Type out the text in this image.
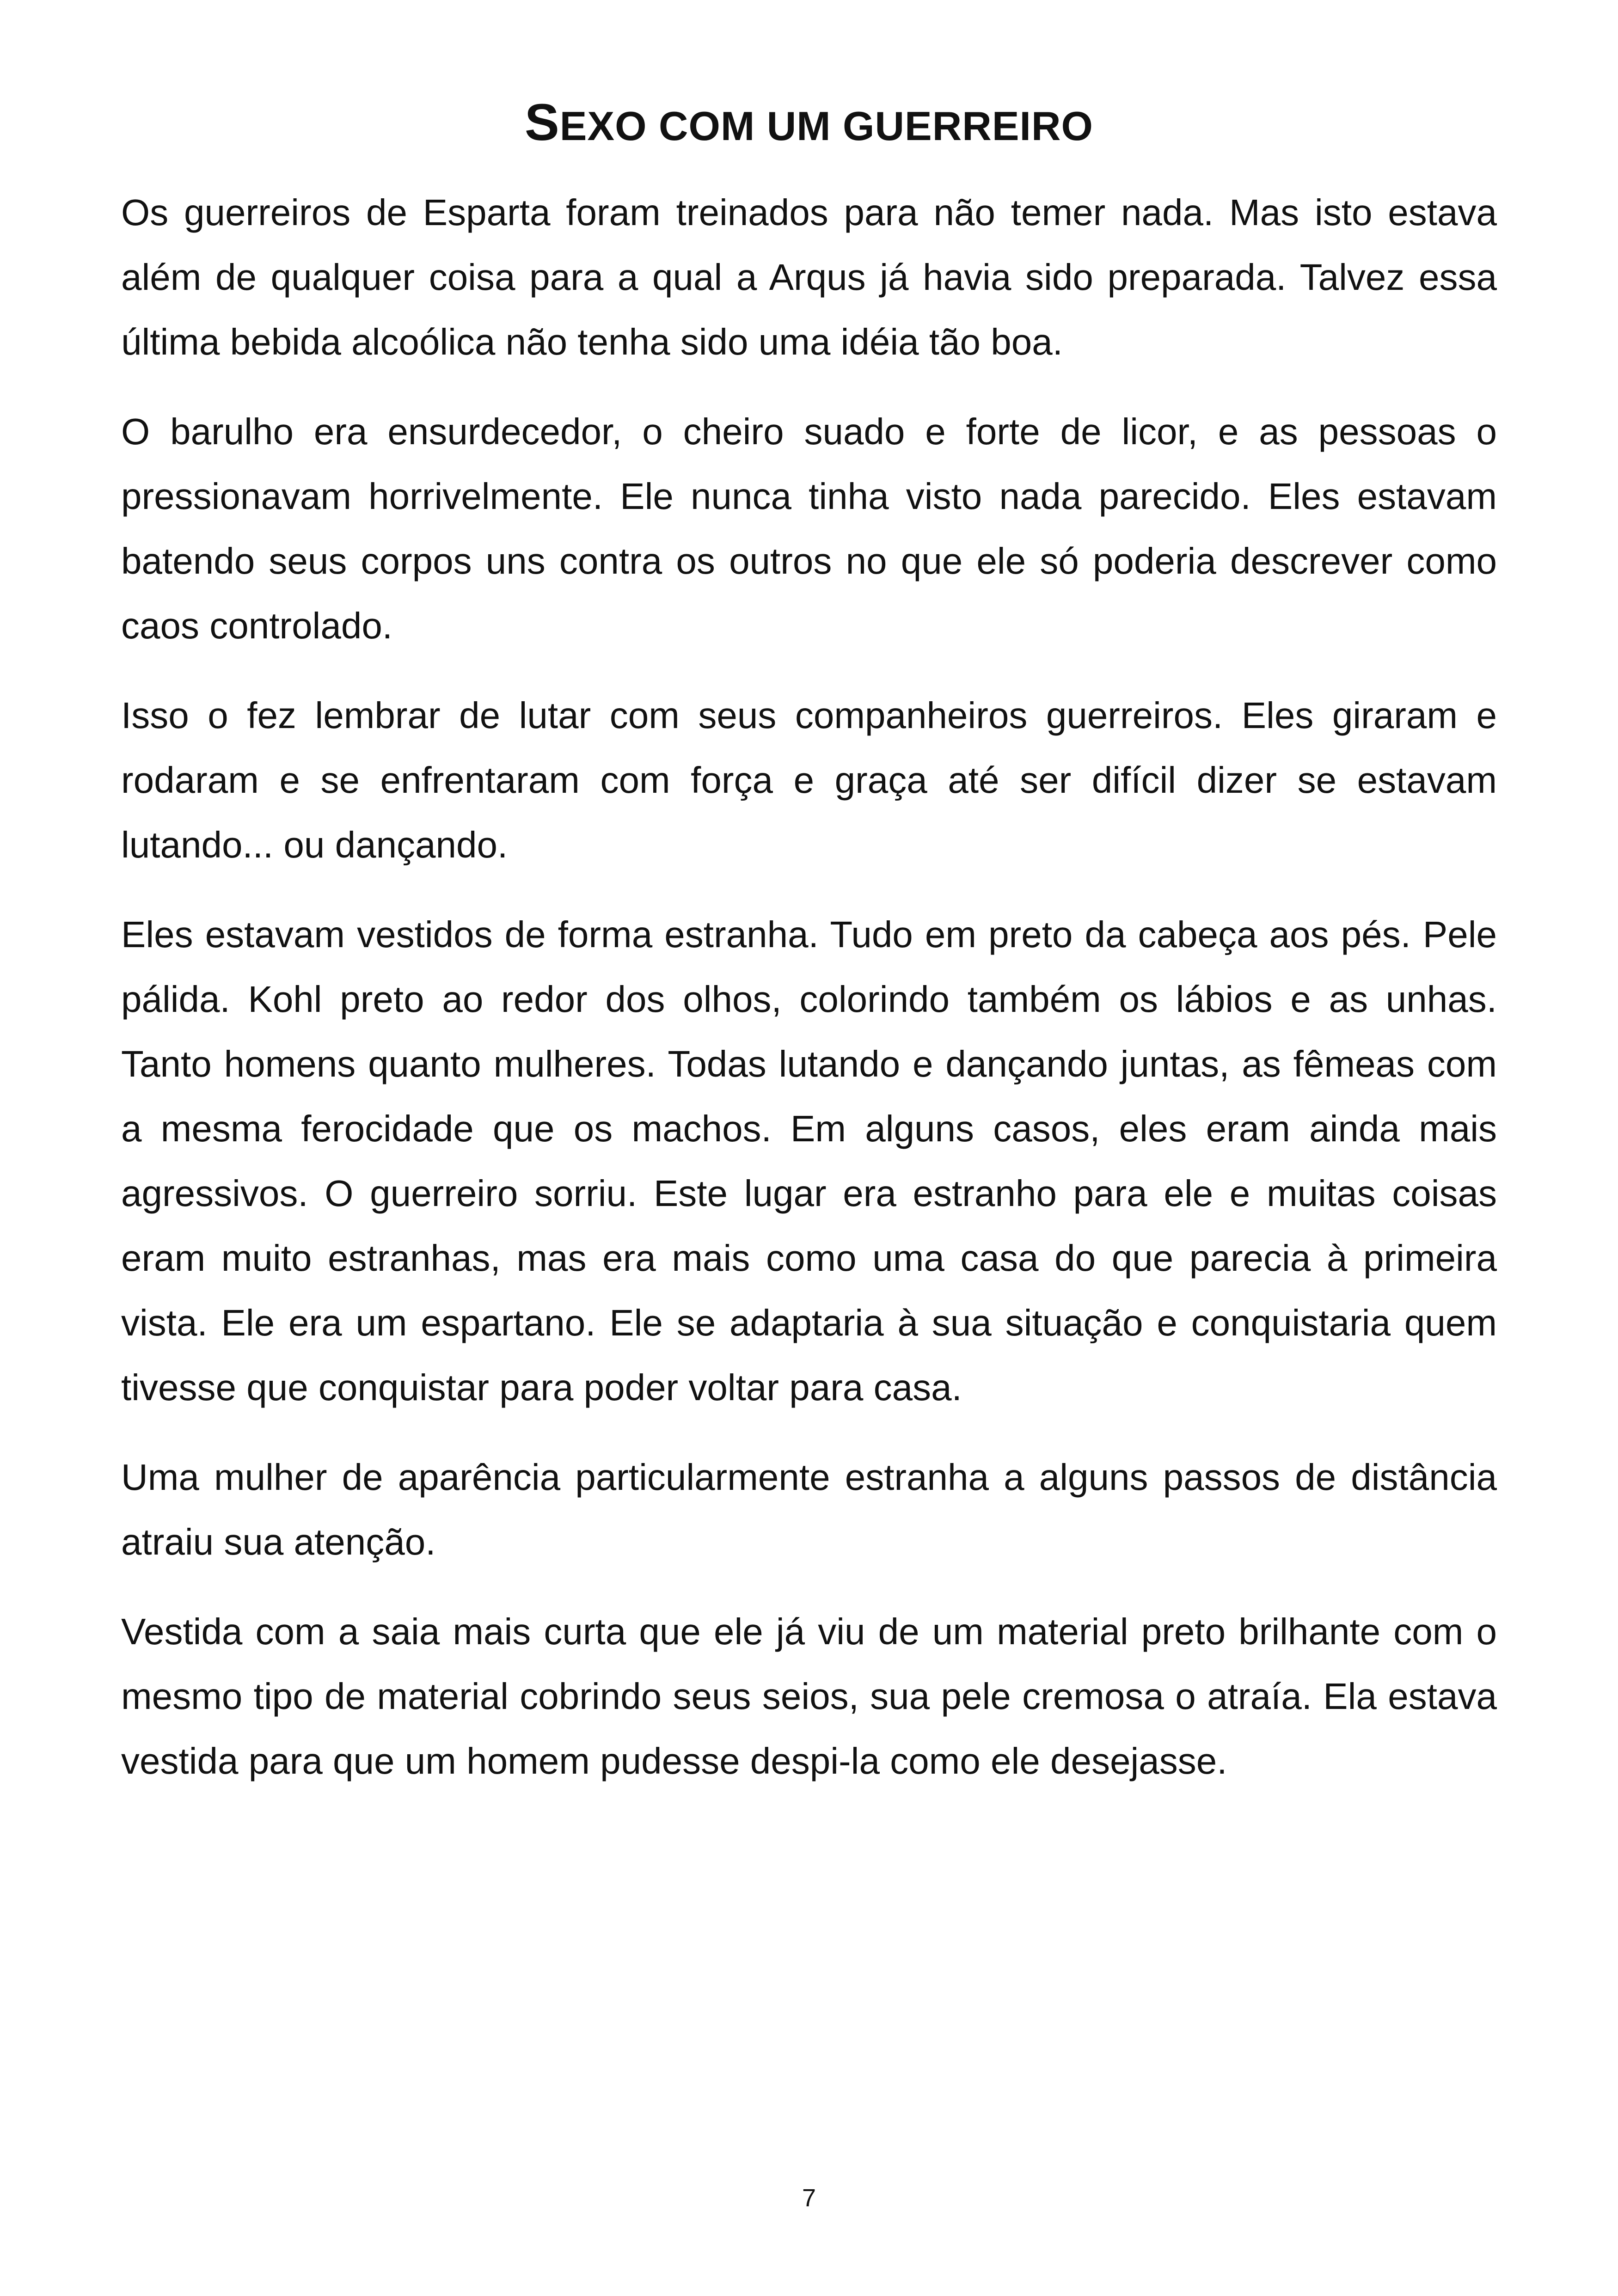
SEXO COM UM GUERREIRO

Os guerreiros de Esparta foram treinados para não temer nada. Mas isto estava além de qualquer coisa para a qual a Arqus já havia sido preparada. Talvez essa última bebida alcoólica não tenha sido uma idéia tão boa.

O barulho era ensurdecedor, o cheiro suado e forte de licor, e as pessoas o pressionavam horrivelmente. Ele nunca tinha visto nada parecido. Eles estavam batendo seus corpos uns contra os outros no que ele só poderia descrever como caos controlado.

Isso o fez lembrar de lutar com seus companheiros guerreiros. Eles giraram e rodaram e se enfrentaram com força e graça até ser difícil dizer se estavam lutando... ou dançando.

Eles estavam vestidos de forma estranha. Tudo em preto da cabeça aos pés. Pele pálida. Kohl preto ao redor dos olhos, colorindo também os lábios e as unhas. Tanto homens quanto mulheres. Todas lutando e dançando juntas, as fêmeas com a mesma ferocidade que os machos. Em alguns casos, eles eram ainda mais agressivos. O guerreiro sorriu. Este lugar era estranho para ele e muitas coisas eram muito estranhas, mas era mais como uma casa do que parecia à primeira vista. Ele era um espartano. Ele se adaptaria à sua situação e conquistaria quem tivesse que conquistar para poder voltar para casa.

Uma mulher de aparência particularmente estranha a alguns passos de distância atraiu sua atenção.

Vestida com a saia mais curta que ele já viu de um material preto brilhante com o mesmo tipo de material cobrindo seus seios, sua pele cremosa o atraía. Ela estava vestida para que um homem pudesse despi-la como ele desejasse.

7
